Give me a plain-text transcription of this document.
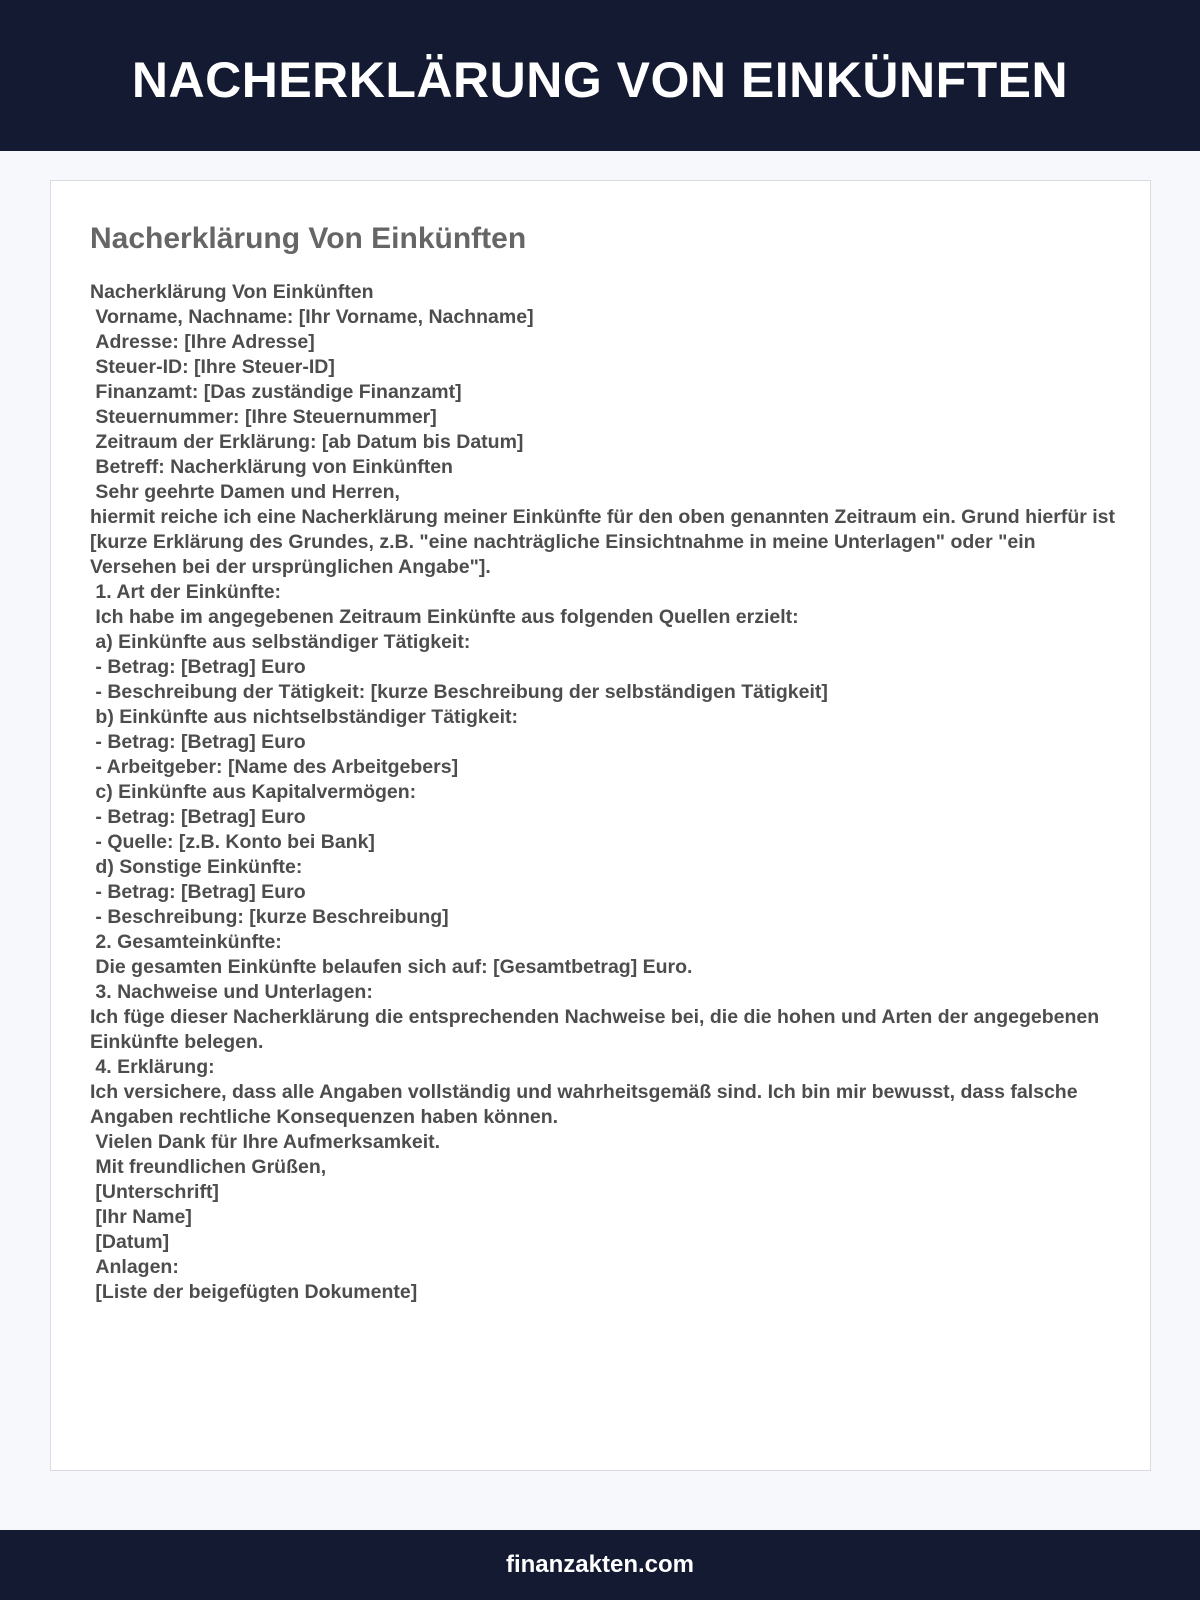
NACHERKLÄRUNG VON EINKÜNFTEN
Nacherklärung Von Einkünften
Nacherklärung Von Einkünften
Vorname, Nachname: [Ihr Vorname, Nachname]
Adresse: [Ihre Adresse]
Steuer-ID: [Ihre Steuer-ID]
Finanzamt: [Das zuständige Finanzamt]
Steuernummer: [Ihre Steuernummer]
Zeitraum der Erklärung: [ab Datum bis Datum]
Betreff: Nacherklärung von Einkünften
Sehr geehrte Damen und Herren,
hiermit reiche ich eine Nacherklärung meiner Einkünfte für den oben genannten Zeitraum ein. Grund hierfür ist [kurze Erklärung des Grundes, z.B. "eine nachträgliche Einsichtnahme in meine Unterlagen" oder "ein Versehen bei der ursprünglichen Angabe"].
1. Art der Einkünfte:
Ich habe im angegebenen Zeitraum Einkünfte aus folgenden Quellen erzielt:
a) Einkünfte aus selbständiger Tätigkeit:
- Betrag: [Betrag] Euro
- Beschreibung der Tätigkeit: [kurze Beschreibung der selbständigen Tätigkeit]
b) Einkünfte aus nichtselbständiger Tätigkeit:
- Betrag: [Betrag] Euro
- Arbeitgeber: [Name des Arbeitgebers]
c) Einkünfte aus Kapitalvermögen:
- Betrag: [Betrag] Euro
- Quelle: [z.B. Konto bei Bank]
d) Sonstige Einkünfte:
- Betrag: [Betrag] Euro
- Beschreibung: [kurze Beschreibung]
2. Gesamteinkünfte:
Die gesamten Einkünfte belaufen sich auf: [Gesamtbetrag] Euro.
3. Nachweise und Unterlagen:
Ich füge dieser Nacherklärung die entsprechenden Nachweise bei, die die hohen und Arten der angegebenen Einkünfte belegen.
4. Erklärung:
Ich versichere, dass alle Angaben vollständig und wahrheitsgemäß sind. Ich bin mir bewusst, dass falsche Angaben rechtliche Konsequenzen haben können.
Vielen Dank für Ihre Aufmerksamkeit.
Mit freundlichen Grüßen,
[Unterschrift]
[Ihr Name]
[Datum]
Anlagen:
[Liste der beigefügten Dokumente]
finanzakten.com
